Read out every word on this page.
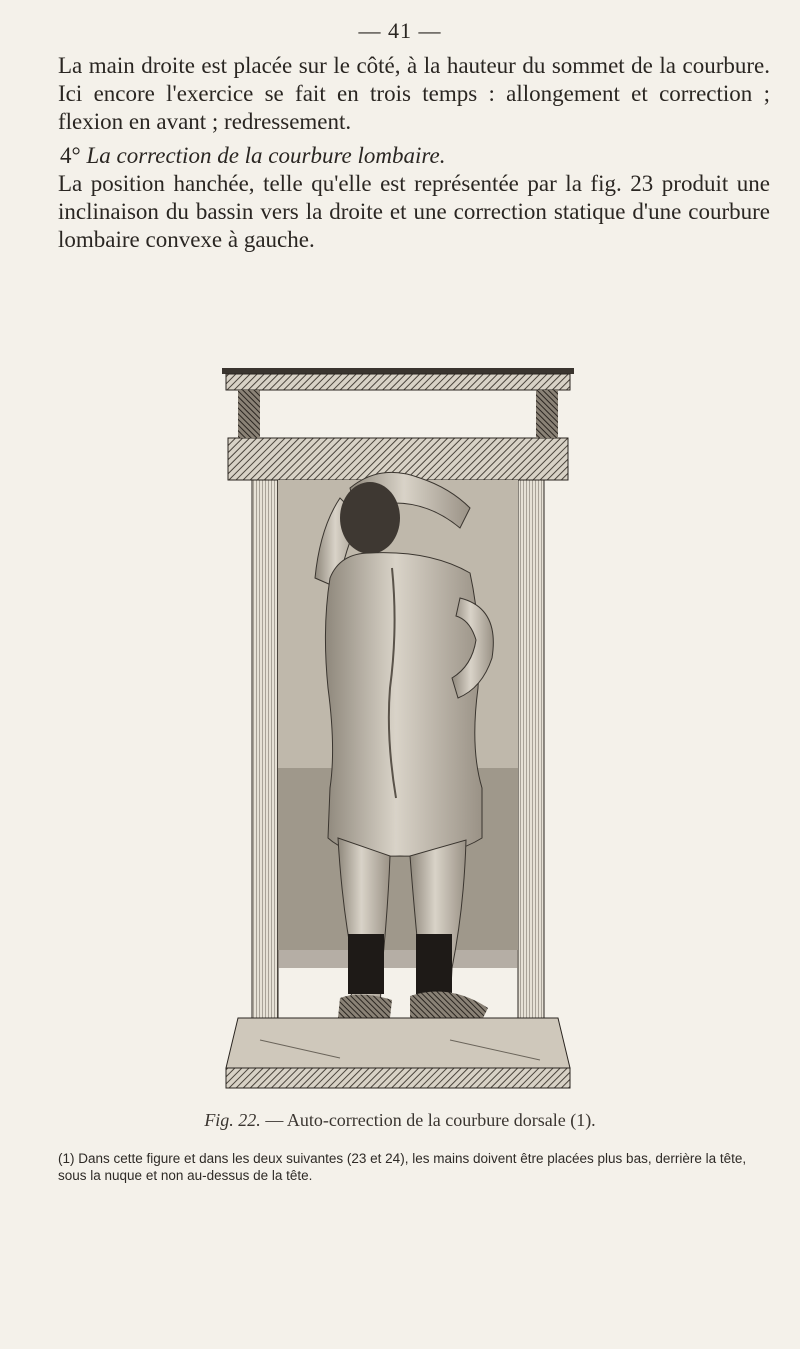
— 41 —

La main droite est placée sur le côté, à la hauteur du sommet de la courbure. Ici encore l'exercice se fait en trois temps : allongement et correction ; flexion en avant ; redressement.

4° La correction de la courbure lombaire.

La position hanchée, telle qu'elle est représentée par la fig. 23 produit une inclinaison du bassin vers la droite et une correction statique d'une courbure lombaire convexe à gauche.

Fig. 22. — Auto-correction de la courbure dorsale (1).
(1) Dans cette figure et dans les deux suivantes (23 et 24), les mains doivent être placées plus bas, derrière la tête, sous la nuque et non au-dessus de la tête.
